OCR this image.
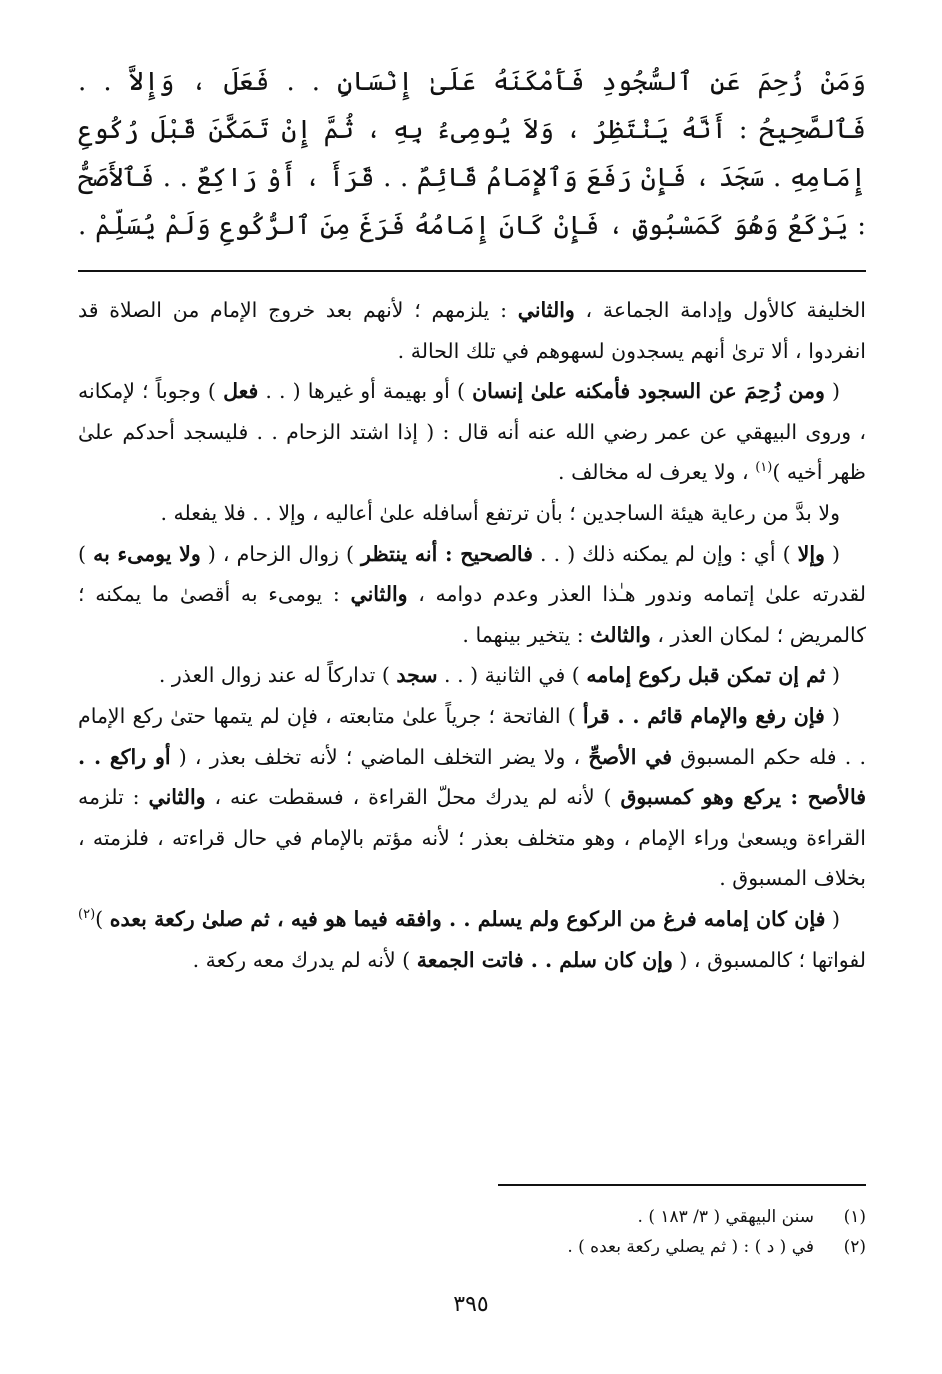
وَمَنْ زُحِمَ عَنِ ٱلسُّجُودِ فَأَمْكَنَهُ عَلَىٰ إِنْسَانٍ . . فَعَلَ ، وَإِلاَّ . . فَٱلصَّحِيحُ : أَنَّهُ يَنْتَظِرُ ، وَلاَ يُومِىءُ بِهِ ، ثُمَّ إِنْ تَمَكَّنَ قَبْلَ رُكُوعِ إِمَامِهِ . سَجَدَ ، فَإِنْ رَفَعَ وَٱلإِمَامُ قَائِمٌ . . قَرَأَ ، أَوْ رَاكِعٌ . . فَٱلأَصَحُّ : يَرْكَعُ وَهُوَ كَمَسْبُوقٍ ، فَإِنْ كَانَ إِمَامُهُ فَرَغَ مِنَ ٱلرُّكُوعِ وَلَمْ يُسَلِّمْ .

الخليفة كالأول وإدامة الجماعة ، والثاني : يلزمهم ؛ لأنهم بعد خروج الإمام من الصلاة قد انفردوا ، ألا ترىٰ أنهم يسجدون لسهوهم في تلك الحالة .

( ومن زُحِمَ عن السجود فأمكنه علىٰ إنسان ) أو بهيمة أو غيرها ( . . فعل ) وجوباً ؛ لإمكانه ، وروى البيهقي عن عمر رضي الله عنه أنه قال : ( إذا اشتد الزحام . . فليسجد أحدكم علىٰ ظهر أخيه )$^{(١)}$ ، ولا يعرف له مخالف .

ولا بدَّ من رعاية هيئة الساجدين ؛ بأن ترتفع أسافله علىٰ أعاليه ، وإلا . . فلا يفعله .

( وإلا ) أي : وإن لم يمكنه ذلك ( . . فالصحيح : أنه ينتظر ) زوال الزحام ، ( ولا يومىء به ) لقدرته علىٰ إتمامه وندور هـٰذا العذر وعدم دوامه ، والثاني : يومىء به أقصىٰ ما يمكنه ؛ كالمريض ؛ لمكان العذر ، والثالث : يتخير بينهما .

( ثم إن تمكن قبل ركوع إمامه ) في الثانية ( . . سجد ) تداركاً له عند زوال العذر .

( فإن رفع والإمام قائم . . قرأ ) الفاتحة ؛ جرياً علىٰ متابعته ، فإن لم يتمها حتىٰ ركع الإمام . . فله حكم المسبوق في الأصحِّ ، ولا يضر التخلف الماضي ؛ لأنه تخلف بعذر ، ( أو راكع . . فالأصح : يركع وهو كمسبوق ) لأنه لم يدرك محلّ القراءة ، فسقطت عنه ، والثاني : تلزمه القراءة ويسعىٰ وراء الإمام ، وهو متخلف بعذر ؛ لأنه مؤتم بالإمام في حال قراءته ، فلزمته ، بخلاف المسبوق .

( فإن كان إمامه فرغ من الركوع ولم يسلم . . وافقه فيما هو فيه ، ثم صلىٰ ركعة بعده )$^{(٢)}$ لفواتها ؛ كالمسبوق ، ( وإن كان سلم . . فاتت الجمعة ) لأنه لم يدرك معه ركعة .

(١)
سنن البيهقي ( ٣/ ١٨٣ ) .
(٢)
في ( د ) : ( ثم يصلي ركعة بعده ) .
٣٩٥
